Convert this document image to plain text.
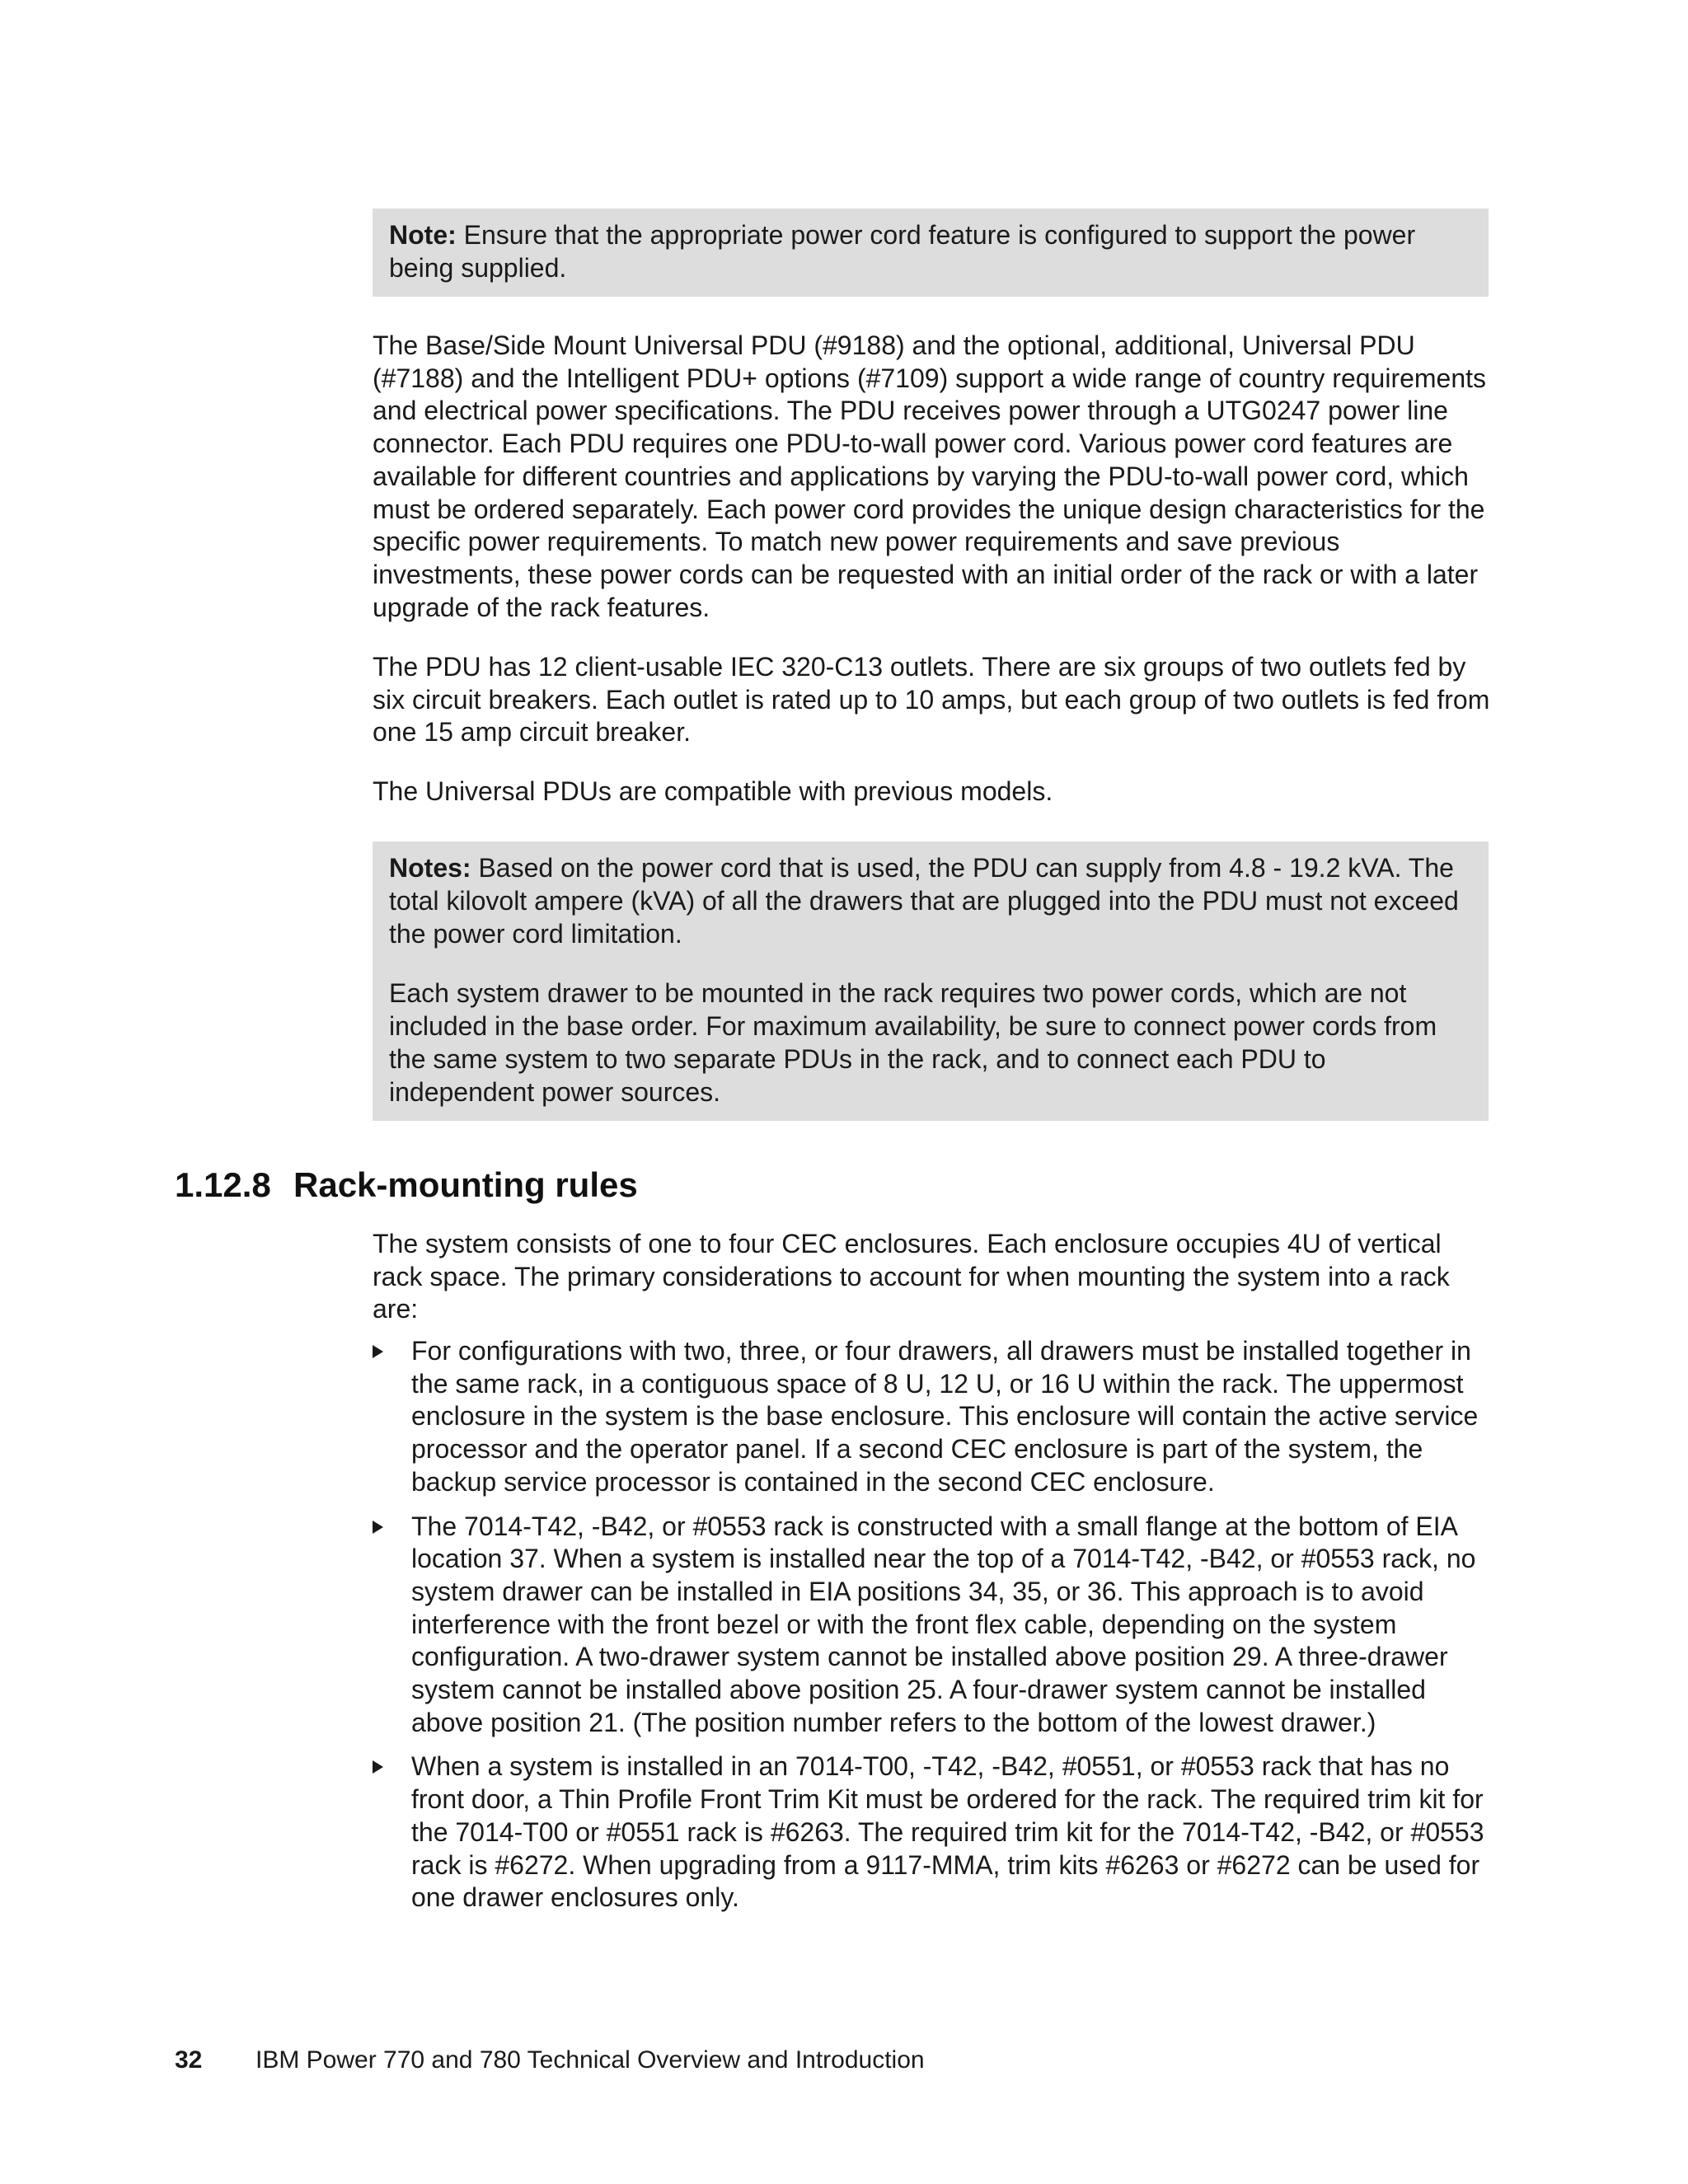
Note: Ensure that the appropriate power cord feature is configured to support the power being supplied.

The Base/Side Mount Universal PDU (#9188) and the optional, additional, Universal PDU (#7188) and the Intelligent PDU+ options (#7109) support a wide range of country requirements and electrical power specifications. The PDU receives power through a UTG0247 power line connector. Each PDU requires one PDU-to-wall power cord. Various power cord features are available for different countries and applications by varying the PDU-to-wall power cord, which must be ordered separately. Each power cord provides the unique design characteristics for the specific power requirements. To match new power requirements and save previous investments, these power cords can be requested with an initial order of the rack or with a later upgrade of the rack features.

The PDU has 12 client-usable IEC 320-C13 outlets. There are six groups of two outlets fed by six circuit breakers. Each outlet is rated up to 10 amps, but each group of two outlets is fed from one 15 amp circuit breaker.

The Universal PDUs are compatible with previous models.

Notes: Based on the power cord that is used, the PDU can supply from 4.8 - 19.2 kVA. The total kilovolt ampere (kVA) of all the drawers that are plugged into the PDU must not exceed the power cord limitation.

Each system drawer to be mounted in the rack requires two power cords, which are not included in the base order. For maximum availability, be sure to connect power cords from the same system to two separate PDUs in the rack, and to connect each PDU to independent power sources.

1.12.8 Rack-mounting rules

The system consists of one to four CEC enclosures. Each enclosure occupies 4U of vertical rack space. The primary considerations to account for when mounting the system into a rack are:

For configurations with two, three, or four drawers, all drawers must be installed together in the same rack, in a contiguous space of 8 U, 12 U, or 16 U within the rack. The uppermost enclosure in the system is the base enclosure. This enclosure will contain the active service processor and the operator panel. If a second CEC enclosure is part of the system, the backup service processor is contained in the second CEC enclosure.
The 7014-T42, -B42, or #0553 rack is constructed with a small flange at the bottom of EIA location 37. When a system is installed near the top of a 7014-T42, -B42, or #0553 rack, no system drawer can be installed in EIA positions 34, 35, or 36. This approach is to avoid interference with the front bezel or with the front flex cable, depending on the system configuration. A two-drawer system cannot be installed above position 29. A three-drawer system cannot be installed above position 25. A four-drawer system cannot be installed above position 21. (The position number refers to the bottom of the lowest drawer.)
When a system is installed in an 7014-T00, -T42, -B42, #0551, or #0553 rack that has no front door, a Thin Profile Front Trim Kit must be ordered for the rack. The required trim kit for the 7014-T00 or #0551 rack is #6263. The required trim kit for the 7014-T42, -B42, or #0553 rack is #6272. When upgrading from a 9117-MMA, trim kits #6263 or #6272 can be used for one drawer enclosures only.
32 IBM Power 770 and 780 Technical Overview and Introduction
